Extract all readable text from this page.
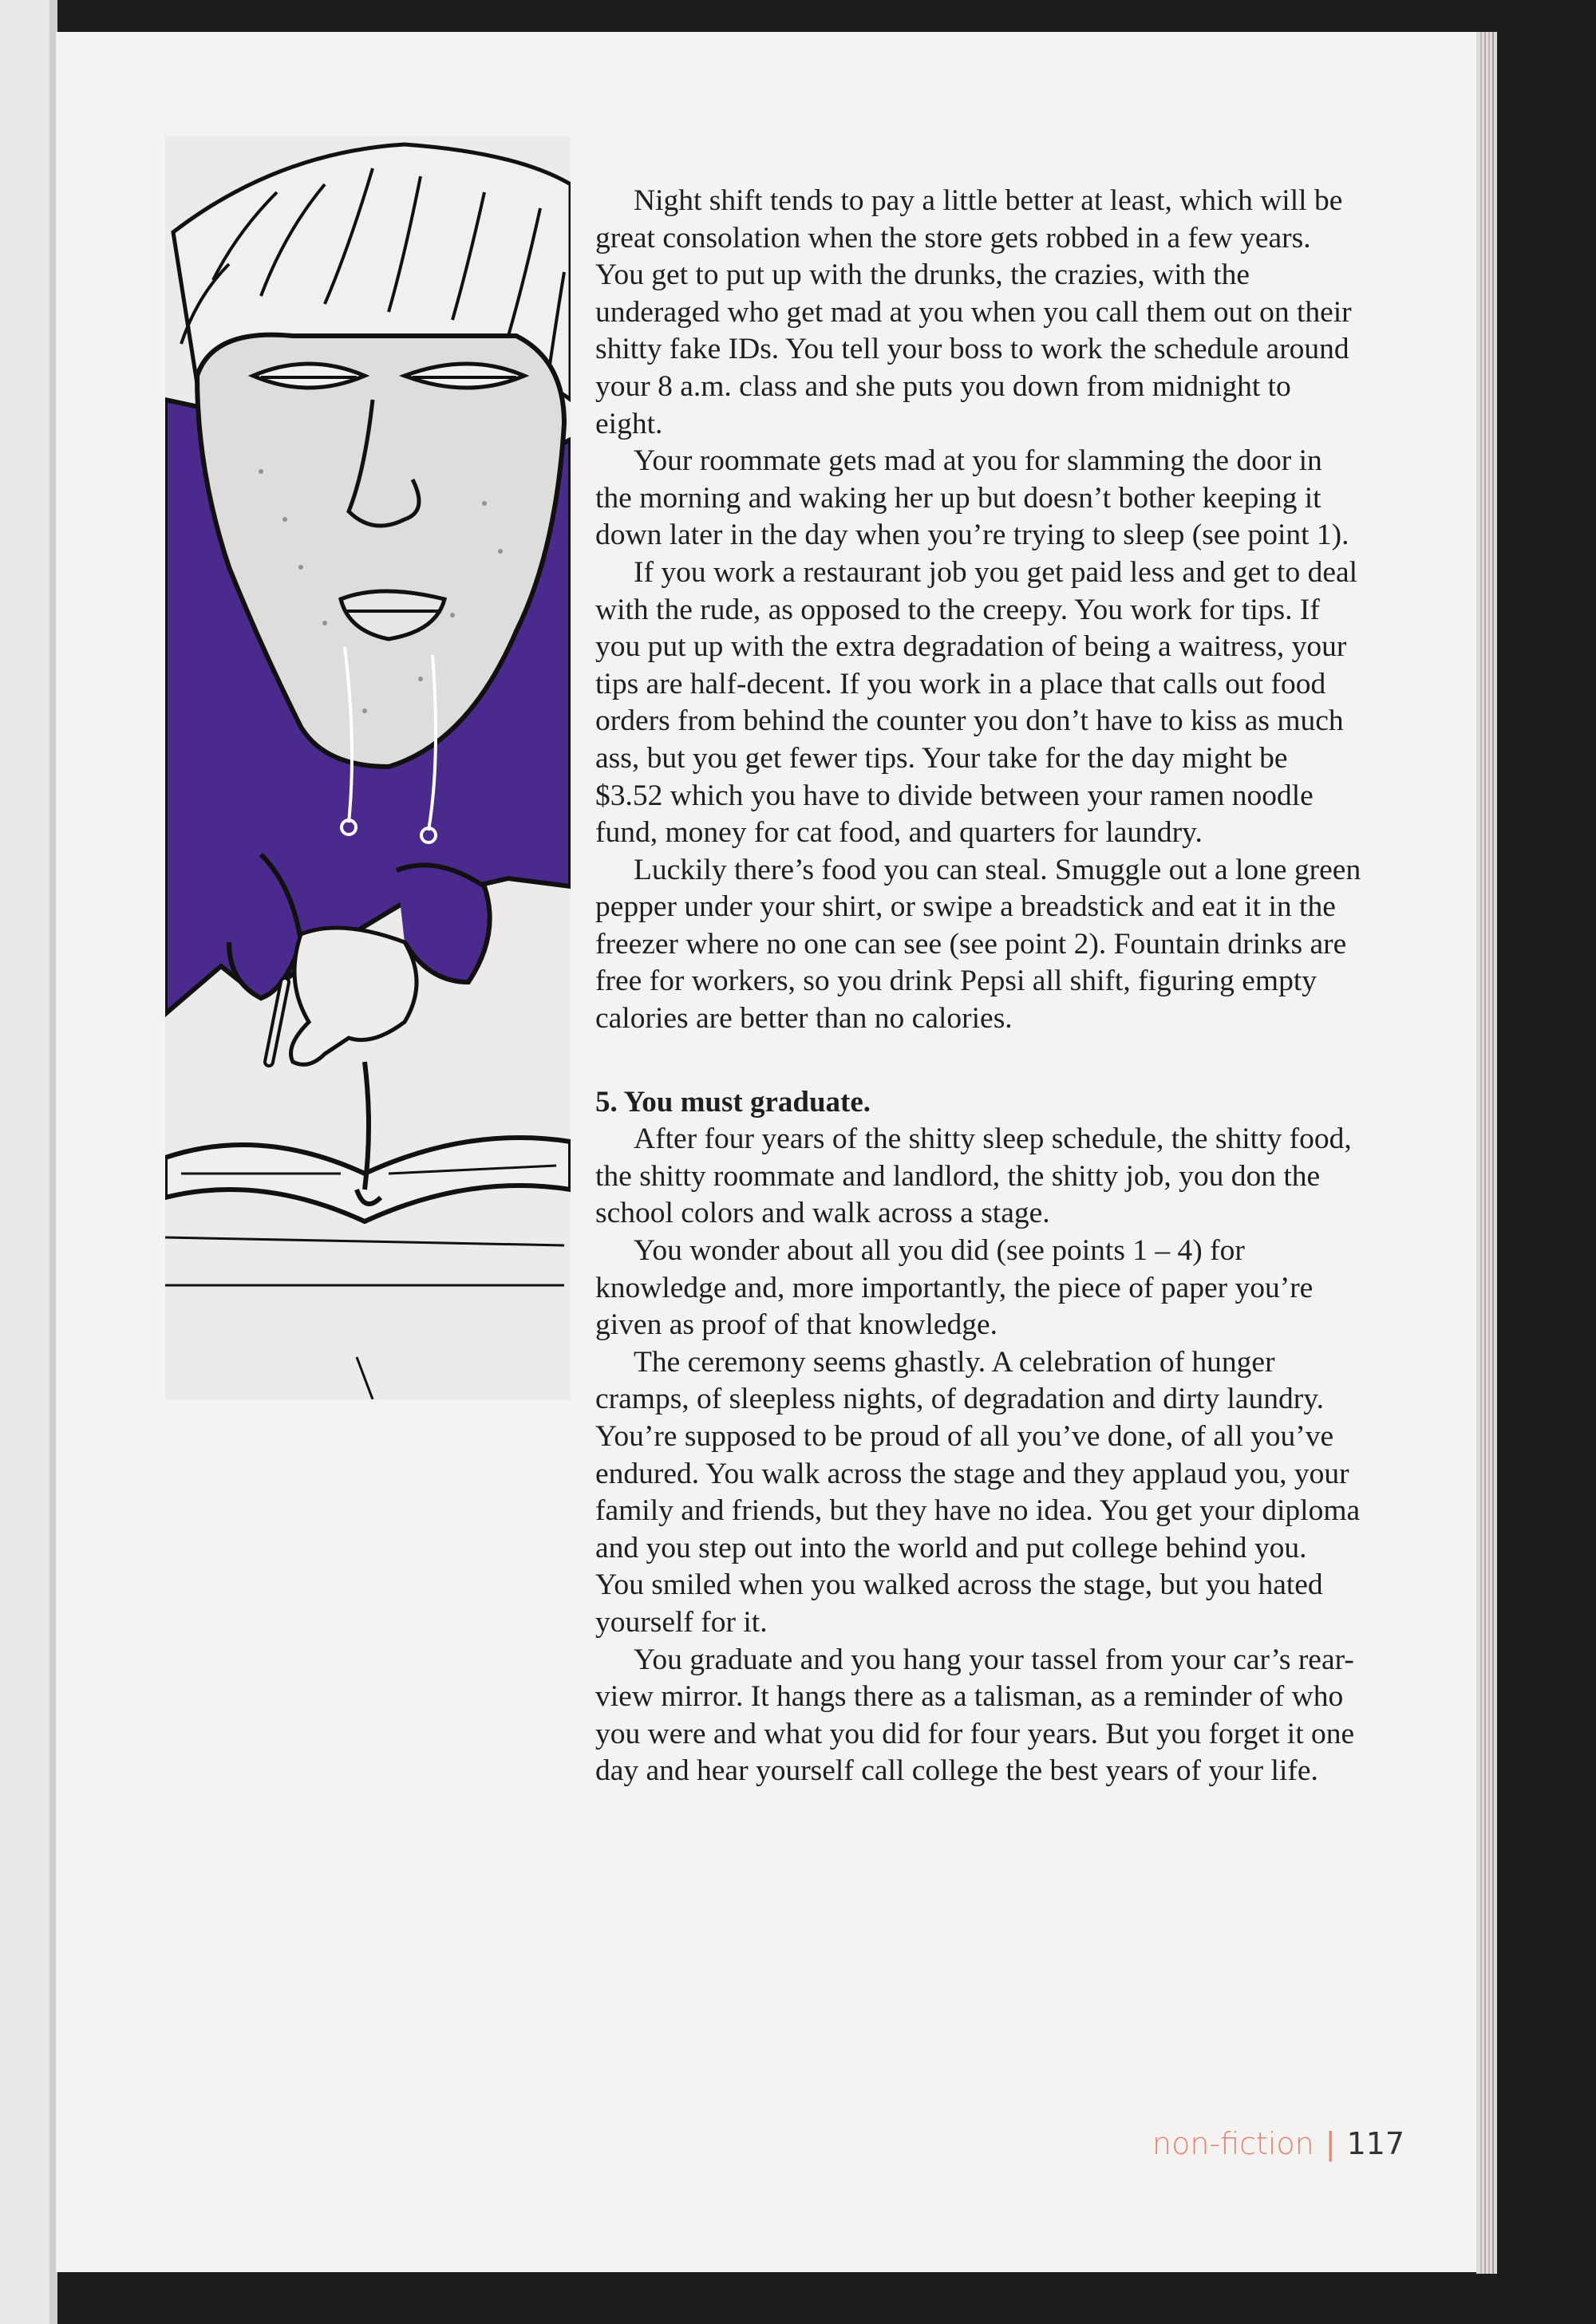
Night shift tends to pay a little better at least, which will be great consolation when the store gets robbed in a few years. You get to put up with the drunks, the crazies, with the underaged who get mad at you when you call them out on their shitty fake IDs. You tell your boss to work the schedule around your 8 a.m. class and she puts you down from midnight to eight.

Your roommate gets mad at you for slamming the door in the morning and waking her up but doesn’t bother keeping it down later in the day when you’re trying to sleep (see point 1).

If you work a restaurant job you get paid less and get to deal with the rude, as opposed to the creepy. You work for tips. If you put up with the extra degradation of being a waitress, your tips are half-decent. If you work in a place that calls out food orders from behind the counter you don’t have to kiss as much ass, but you get fewer tips. Your take for the day might be $3.52 which you have to divide between your ramen noodle fund, money for cat food, and quarters for laundry.

Luckily there’s food you can steal. Smuggle out a lone green pepper under your shirt, or swipe a breadstick and eat it in the freezer where no one can see (see point 2). Fountain drinks are free for workers, so you drink Pepsi all shift, figuring empty calories are better than no calories.

5. You must graduate.

After four years of the shitty sleep schedule, the shitty food, the shitty roommate and landlord, the shitty job, you don the school colors and walk across a stage.

You wonder about all you did (see points 1 – 4) for knowledge and, more importantly, the piece of paper you’re given as proof of that knowledge.

The ceremony seems ghastly. A celebration of hunger cramps, of sleepless nights, of degradation and dirty laundry. You’re supposed to be proud of all you’ve done, of all you’ve endured. You walk across the stage and they applaud you, your family and friends, but they have no idea. You get your diploma and you step out into the world and put college behind you. You smiled when you walked across the stage, but you hated yourself for it.

You graduate and you hang your tassel from your car’s rear-view mirror. It hangs there as a talisman, as a reminder of who you were and what you did for four years. But you forget it one day and hear yourself call college the best years of your life.

non-fiction | 117
